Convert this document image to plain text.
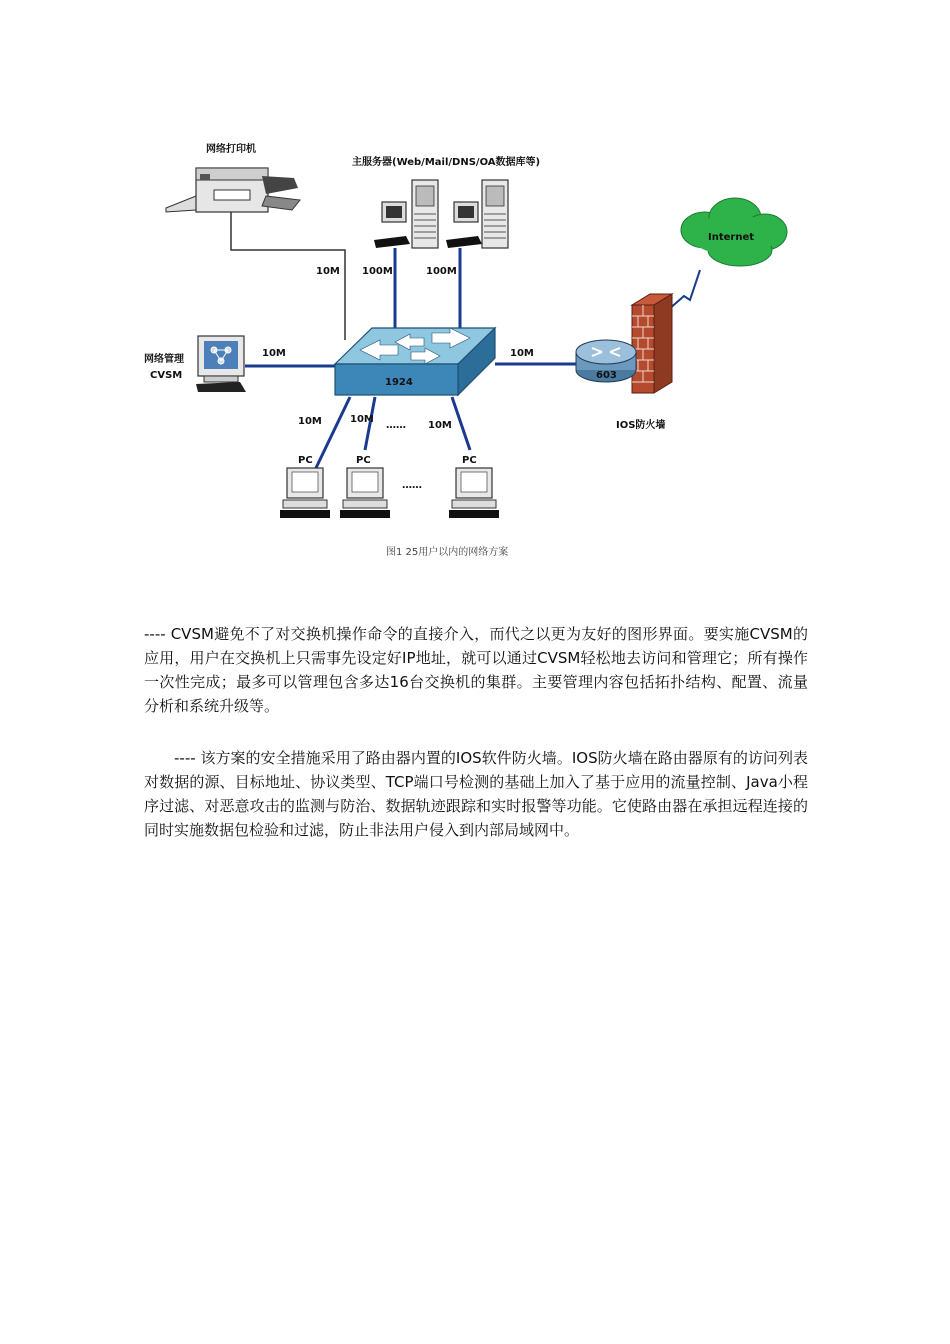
网络打印机
主服务器(Web/Mail/DNS/OA数据库等)
Internet
603
IOS防火墙
1924
网络管理
CVSM
PC	PC
……
PC
10M 100M	100M
10M	10M
10M	10M
…… 10M
图1 25用户以内的网络方案

---- CVSM避免不了对交换机操作命令的直接介入，而代之以更为友好的图形界面。要实施CVSM的应用，用户在交换机上只需事先设定好IP地址，就可以通过CVSM轻松地去访问和管理它；所有操作一次性完成；最多可以管理包含多达16台交换机的集群。主要管理内容包括拓扑结构、配置、流量分析和系统升级等。

---- 该方案的安全措施采用了路由器内置的IOS软件防火墙。IOS防火墙在路由器原有的访问列表对数据的源、目标地址、协议类型、TCP端口号检测的基础上加入了基于应用的流量控制、Java小程序过滤、对恶意攻击的监测与防治、数据轨迹跟踪和实时报警等功能。它使路由器在承担远程连接的同时实施数据包检验和过滤，防止非法用户侵入到内部局域网中。
